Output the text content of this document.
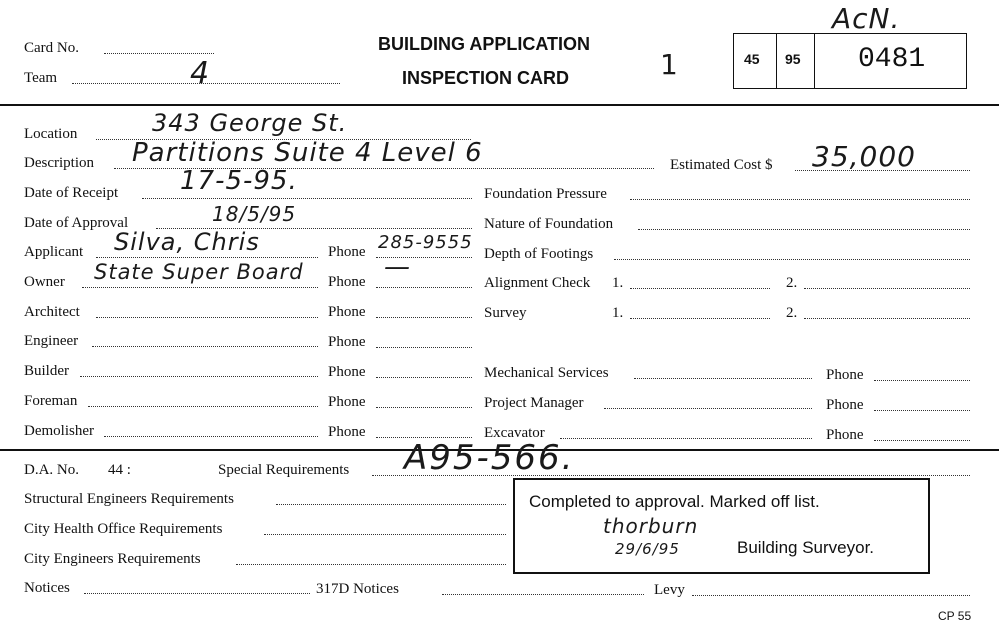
Card No.
Team	4
BUILDING APPLICATION
INSPECTION CARD	1
AcN.
45 95 0481
Location	343 George St.
Description Partitions Suite 4 Level 6	Estimated Cost $ 35,000
Date of Receipt 17-5-95.
Date of Approval	18/5/95
Applicant Silva, Chris	Phone 285-9555
Owner State Super Board Phone —
Architect	Phone
Engineer	Phone
Builder	Phone
Foreman	Phone
Demolisher	Phone
Foundation Pressure
Nature of Foundation
Depth of Footings
Alignment Check 1.	2.
Survey	1.	2.
Mechanical Services	Phone
Project Manager	Phone
Excavator	Phone
D.A. No. 44 :	Special Requirements A95-566.
Structural Engineers Requirements
City Health Office Requirements
City Engineers Requirements
Notices	317D Notices	Levy
CP 55
Completed to approval. Marked off list.
thorburn
29/6/95	Building Surveyor.
